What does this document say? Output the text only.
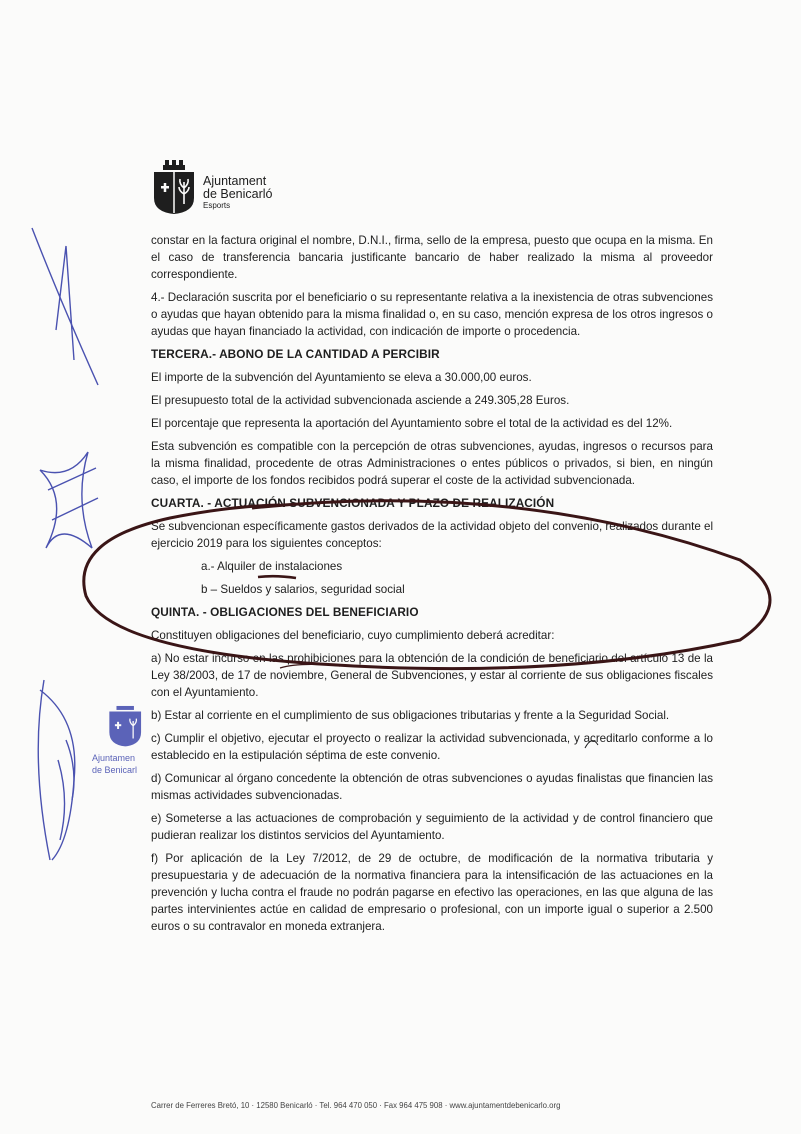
Ajuntament
de Benicarló
Esports

constar en la factura original el nombre, D.N.I., firma, sello de la empresa, puesto que ocupa en la misma. En el caso de transferencia bancaria justificante bancario de haber realizado la misma al proveedor correspondiente.

4.- Declaración suscrita por el beneficiario o su representante relativa a la inexistencia de otras subvenciones o ayudas que hayan obtenido para la misma finalidad o, en su caso, mención expresa de los otros ingresos o ayudas que hayan financiado la actividad, con indicación de importe o procedencia.

TERCERA.- ABONO DE LA CANTIDAD A PERCIBIR

El importe de la subvención del Ayuntamiento se eleva a 30.000,00 euros.

El presupuesto total de la actividad subvencionada asciende a 249.305,28 Euros.

El porcentaje que representa la aportación del Ayuntamiento sobre el total de la actividad es del 12%.

Esta subvención es compatible con la percepción de otras subvenciones, ayudas, ingresos o recursos para la misma finalidad, procedente de otras Administraciones o entes públicos o privados, si bien, en ningún caso, el importe de los fondos recibidos podrá superar el coste de la actividad subvencionada.

CUARTA. - ACTUACIÓN SUBVENCIONADA Y PLAZO DE REALIZACIÓN

Se subvencionan específicamente gastos derivados de la actividad objeto del convenio, realizados durante el ejercicio 2019 para los siguientes conceptos:

a.- Alquiler de instalaciones

b – Sueldos y salarios, seguridad social

QUINTA. - OBLIGACIONES DEL BENEFICIARIO

Constituyen obligaciones del beneficiario, cuyo cumplimiento deberá acreditar:

a) No estar incurso en las prohibiciones para la obtención de la condición de beneficiario del artículo 13 de la Ley 38/2003, de 17 de noviembre, General de Subvenciones, y estar al corriente de sus obligaciones fiscales con el Ayuntamiento.

b) Estar al corriente en el cumplimiento de sus obligaciones tributarias y frente a la Seguridad Social.

c) Cumplir el objetivo, ejecutar el proyecto o realizar la actividad subvencionada, y acreditarlo conforme a lo establecido en la estipulación séptima de este convenio.

d) Comunicar al órgano concedente la obtención de otras subvenciones o ayudas finalistas que financien las mismas actividades subvencionadas.

e) Someterse a las actuaciones de comprobación y seguimiento de la actividad y de control financiero que pudieran realizar los distintos servicios del Ayuntamiento.

f) Por aplicación de la Ley 7/2012, de 29 de octubre, de modificación de la normativa tributaria y presupuestaria y de adecuación de la normativa financiera para la intensificación de las actuaciones en la prevención y lucha contra el fraude no podrán pagarse en efectivo las operaciones, en las que alguna de las partes intervinientes actúe en calidad de empresario o profesional, con un importe igual o superior a 2.500 euros o su contravalor en moneda extranjera.

Ajuntamen
de Benicarl
Carrer de Ferreres Bretó, 10 · 12580 Benicarló · Tel. 964 470 050 · Fax 964 475 908 · www.ajuntamentdebenicarlo.org
